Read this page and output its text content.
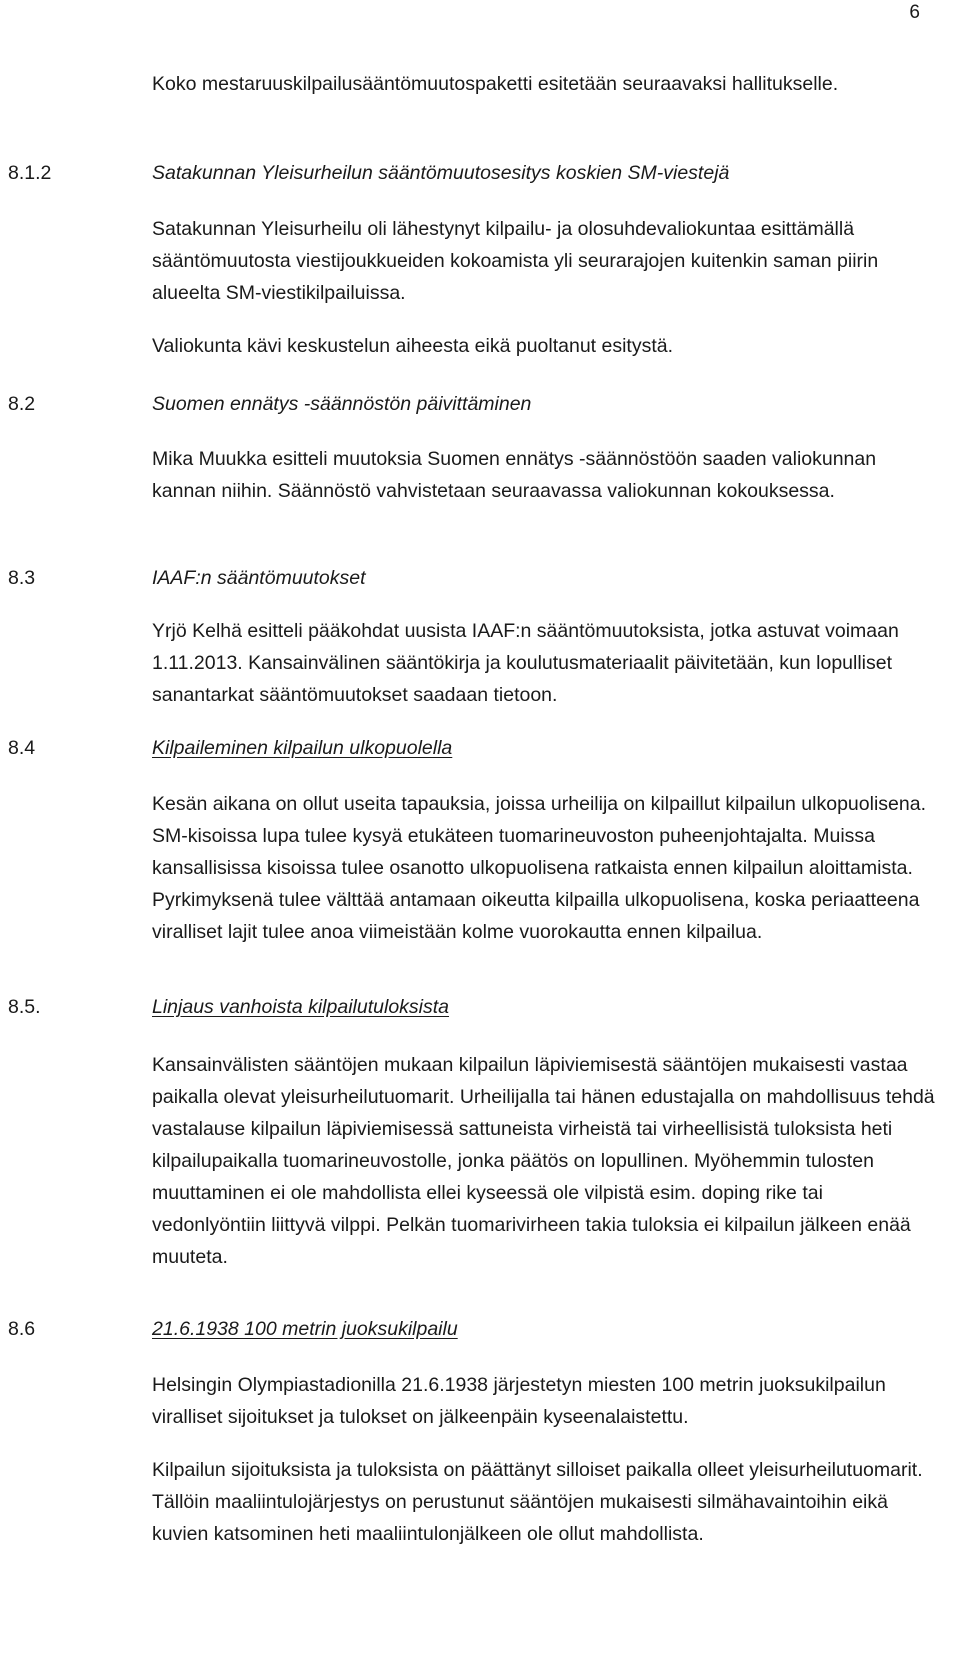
6

Koko mestaruuskilpailusääntömuutospaketti esitetään seuraavaksi hallitukselle.

8.1.2	Satakunnan Yleisurheilun sääntömuutosesitys koskien SM-viestejä

Satakunnan Yleisurheilu oli lähestynyt kilpailu- ja olosuhdevaliokuntaa esittämällä sääntömuutosta viestijoukkueiden kokoamista yli seurarajojen kuitenkin saman piirin alueelta SM-viestikilpailuissa.

Valiokunta kävi keskustelun aiheesta eikä puoltanut esitystä.

8.2	Suomen ennätys -säännöstön päivittäminen

Mika Muukka esitteli muutoksia Suomen ennätys -säännöstöön saaden valiokunnan kannan niihin. Säännöstö vahvistetaan seuraavassa valiokunnan kokouksessa.

8.3	IAAF:n sääntömuutokset

Yrjö Kelhä esitteli pääkohdat uusista IAAF:n sääntömuutoksista, jotka astuvat voimaan 1.11.2013. Kansainvälinen sääntökirja ja koulutusmateriaalit päivitetään, kun lopulliset sanantarkat sääntömuutokset saadaan tietoon.

8.4	Kilpaileminen kilpailun ulkopuolella

Kesän aikana on ollut useita tapauksia, joissa urheilija on kilpaillut kilpailun ulkopuolisena. SM-kisoissa lupa tulee kysyä etukäteen tuomarineuvoston puheenjohtajalta. Muissa kansallisissa kisoissa tulee osanotto ulkopuolisena ratkaista ennen kilpailun aloittamista. Pyrkimyksenä tulee välttää antamaan oikeutta kilpailla ulkopuolisena, koska periaatteena viralliset lajit tulee anoa viimeistään kolme vuorokautta ennen kilpailua.

8.5.	Linjaus vanhoista kilpailutuloksista

Kansainvälisten sääntöjen mukaan kilpailun läpiviemisestä sääntöjen mukaisesti vastaa paikalla olevat yleisurheilutuomarit. Urheilijalla tai hänen edustajalla on mahdollisuus tehdä vastalause kilpailun läpiviemisessä sattuneista virheistä tai virheellisistä tuloksista heti kilpailupaikalla tuomarineuvostolle, jonka päätös on lopullinen. Myöhemmin tulosten muuttaminen ei ole mahdollista ellei kyseessä ole vilpistä esim. doping rike tai vedonlyöntiin liittyvä vilppi. Pelkän tuomarivirheen takia tuloksia ei kilpailun jälkeen enää muuteta.

8.6	21.6.1938 100 metrin juoksukilpailu

Helsingin Olympiastadionilla 21.6.1938 järjestetyn miesten 100 metrin juoksukilpailun viralliset sijoitukset ja tulokset on jälkeenpäin kyseenalaistettu.

Kilpailun sijoituksista ja tuloksista on päättänyt silloiset paikalla olleet yleisurheilutuomarit. Tällöin maaliintulojärjestys on perustunut sääntöjen mukaisesti silmähavaintoihin eikä kuvien katsominen heti maaliintulonjälkeen ole ollut mahdollista.
